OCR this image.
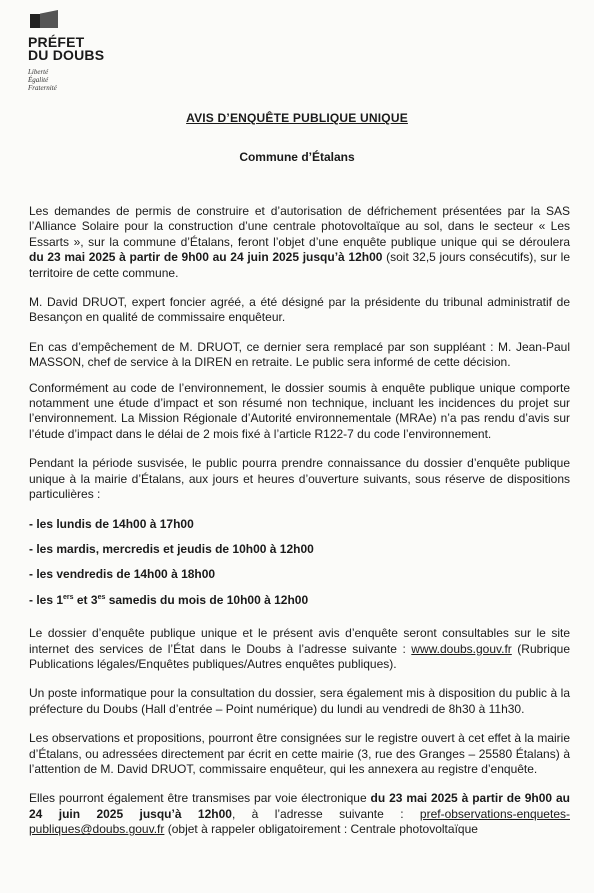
PRÉFET
DU DOUBS
Liberté
Égalité
Fraternité
AVIS D’ENQUÊTE PUBLIQUE UNIQUE
Commune d’Étalans

Les demandes de permis de construire et d’autorisation de défrichement présentées par la SAS l’Alliance Solaire pour la construction d’une centrale photovoltaïque au sol, dans le secteur « Les Essarts », sur la commune d’Étalans, feront l’objet d’une enquête publique unique qui se déroulera du 23 mai 2025 à partir de 9h00 au 24 juin 2025 jusqu’à 12h00 (soit 32,5 jours consécutifs), sur le territoire de cette commune.

M. David DRUOT, expert foncier agréé, a été désigné par la présidente du tribunal administratif de Besançon en qualité de commissaire enquêteur.

En cas d’empêchement de M. DRUOT, ce dernier sera remplacé par son suppléant : M. Jean-Paul MASSON, chef de service à la DIREN en retraite. Le public sera informé de cette décision.

Conformément au code de l’environnement, le dossier soumis à enquête publique unique comporte notamment une étude d’impact et son résumé non technique, incluant les incidences du projet sur l’environnement. La Mission Régionale d’Autorité environnementale (MRAe) n’a pas rendu d’avis sur l’étude d’impact dans le délai de 2 mois fixé à l’article R122-7 du code l’environnement.

Pendant la période susvisée, le public pourra prendre connaissance du dossier d’enquête publique unique à la mairie d’Étalans, aux jours et heures d’ouverture suivants, sous réserve de dispositions particulières :

- les lundis de 14h00 à 17h00
- les mardis, mercredis et jeudis de 10h00 à 12h00
- les vendredis de 14h00 à 18h00
- les 1ers et $3^{es}$ samedis du mois de 10h00 à 12h00

Le dossier d’enquête publique unique et le présent avis d’enquête seront consultables sur le site internet des services de l’État dans le Doubs à l’adresse suivante : www.doubs.gouv.fr (Rubrique Publications légales/Enquêtes publiques/Autres enquêtes publiques).

Un poste informatique pour la consultation du dossier, sera également mis à disposition du public à la préfecture du Doubs (Hall d’entrée – Point numérique) du lundi au vendredi de 8h30 à 11h30.

Les observations et propositions, pourront être consignées sur le registre ouvert à cet effet à la mairie d’Étalans, ou adressées directement par écrit en cette mairie (3, rue des Granges – 25580 Étalans) à l’attention de M. David DRUOT, commissaire enquêteur, qui les annexera au registre d’enquête.

Elles pourront également être transmises par voie électronique du 23 mai 2025 à partir de 9h00 au 24 juin 2025 jusqu’à 12h00, à l’adresse suivante : pref-observations-enquetes-publiques@doubs.gouv.fr (objet à rappeler obligatoirement : Centrale photovoltaïque
